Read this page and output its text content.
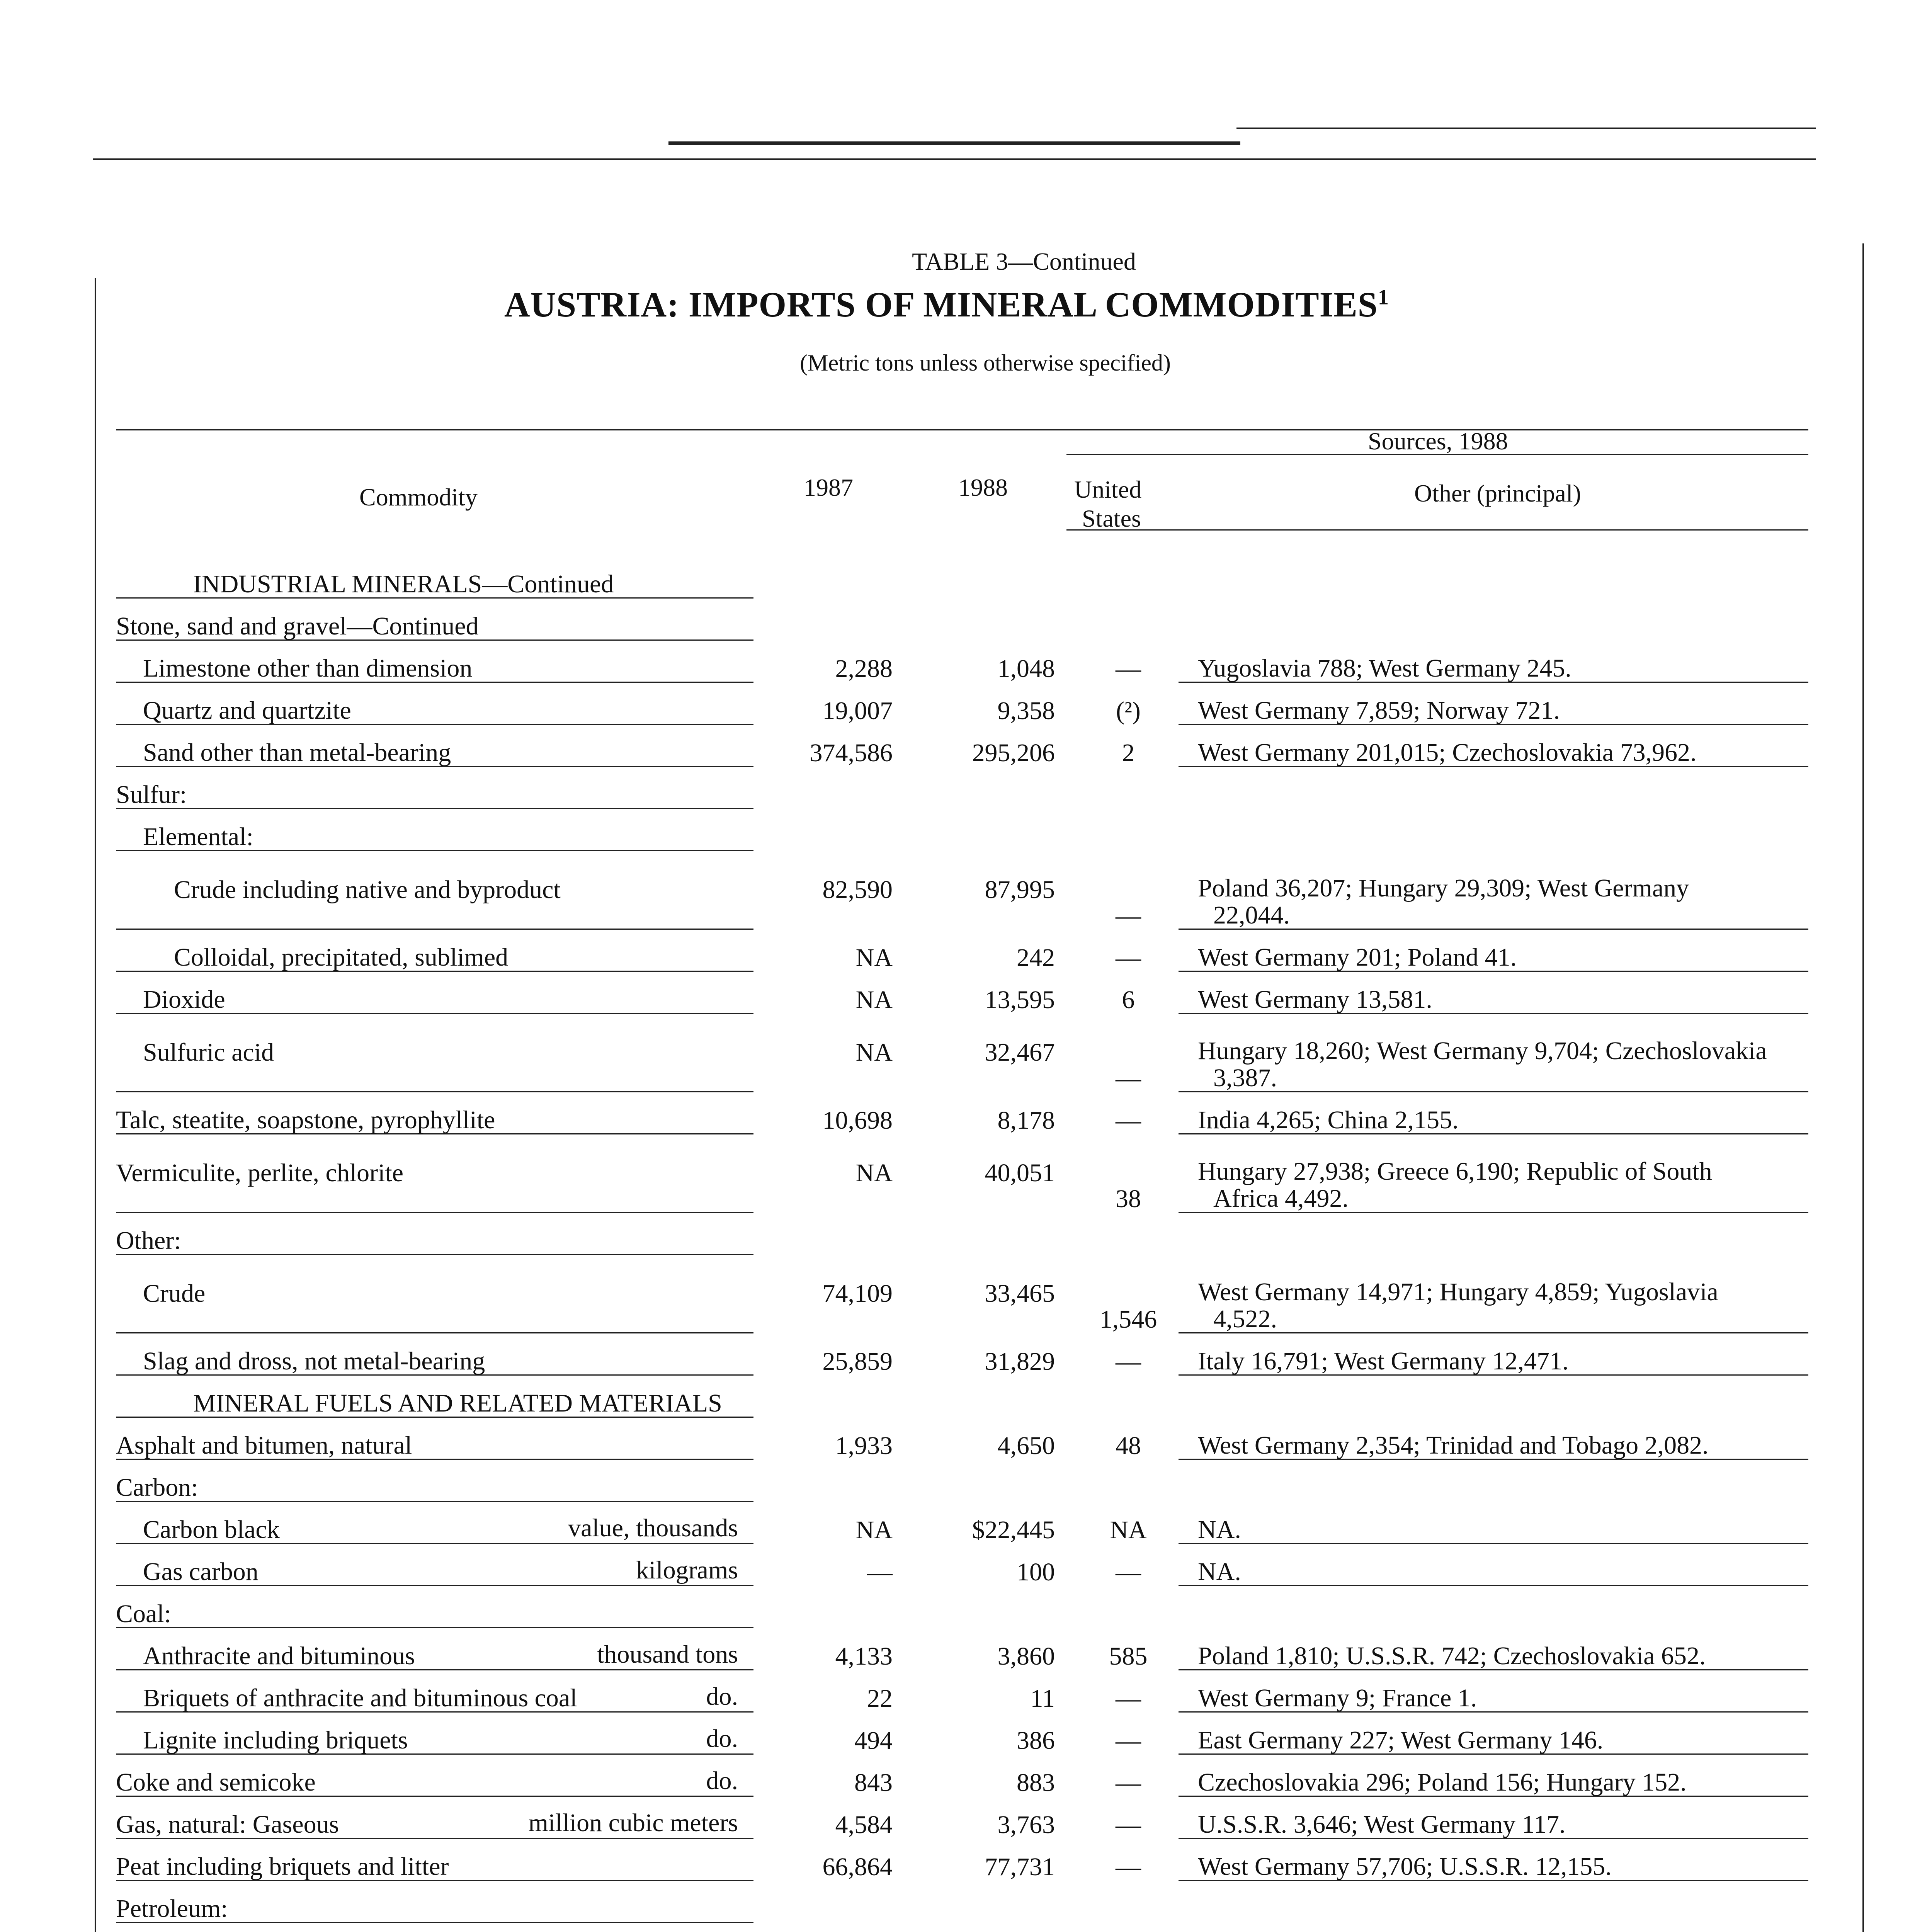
TABLE 3—Continued
AUSTRIA: IMPORTS OF MINERAL COMMODITIES$^1$
(Metric tons unless otherwise specified)
Commodity	1987	1988
Sources, 1988
United
States
Other (principal)
INDUSTRIAL MINERALS—Continued				
Stone, sand and gravel—Continued				
Limestone other than dimension	2,288	1,048	—	Yugoslavia 788; West Germany 245.

Quartz and quartzite	19,007	9,358	(²)	West Germany 7,859; Norway 721.

Sand other than metal-bearing	374,586	295,206	2	West Germany 201,015; Czechoslovakia 73,962.

Sulfur:				
Elemental:				
Crude including native and byproduct	82,590	87,995	—	Poland 36,207; Hungary 29,309; West Germany
22,044.

Colloidal, precipitated, sublimed	NA	242	—	West Germany 201; Poland 41.

Dioxide	NA	13,595	6	West Germany 13,581.

Sulfuric acid	NA	32,467	—	Hungary 18,260; West Germany 9,704; Czechoslovakia
3,387.

Talc, steatite, soapstone, pyrophyllite	10,698	8,178	—	India 4,265; China 2,155.

Vermiculite, perlite, chlorite	NA	40,051	38	Hungary 27,938; Greece 6,190; Republic of South
Africa 4,492.

Other:				
Crude	74,109	33,465	1,546	West Germany 14,971; Hungary 4,859; Yugoslavia
4,522.

Slag and dross, not metal-bearing	25,859	31,829	—	Italy 16,791; West Germany 12,471.

MINERAL FUELS AND RELATED MATERIALS				
Asphalt and bitumen, natural	1,933	4,650	48	West Germany 2,354; Trinidad and Tobago 2,082.

Carbon:				
Carbon black value, thousands	NA	$22,445	NA	NA.

Gas carbon kilograms	—	100	—	NA.

Coal:				
Anthracite and bituminous thousand tons	4,133	3,860	585	Poland 1,810; U.S.S.R. 742; Czechoslovakia 652.

Briquets of anthracite and bituminous coal do.	22	11	—	West Germany 9; France 1.

Lignite including briquets do.	494	386	—	East Germany 227; West Germany 146.

Coke and semicoke do.	843	883	—	Czechoslovakia 296; Poland 156; Hungary 152.

Gas, natural: Gaseous million cubic meters	4,584	3,763	—	U.S.S.R. 3,646; West Germany 117.

Peat including briquets and litter	66,864	77,731	—	West Germany 57,706; U.S.S.R. 12,155.

Petroleum:				
